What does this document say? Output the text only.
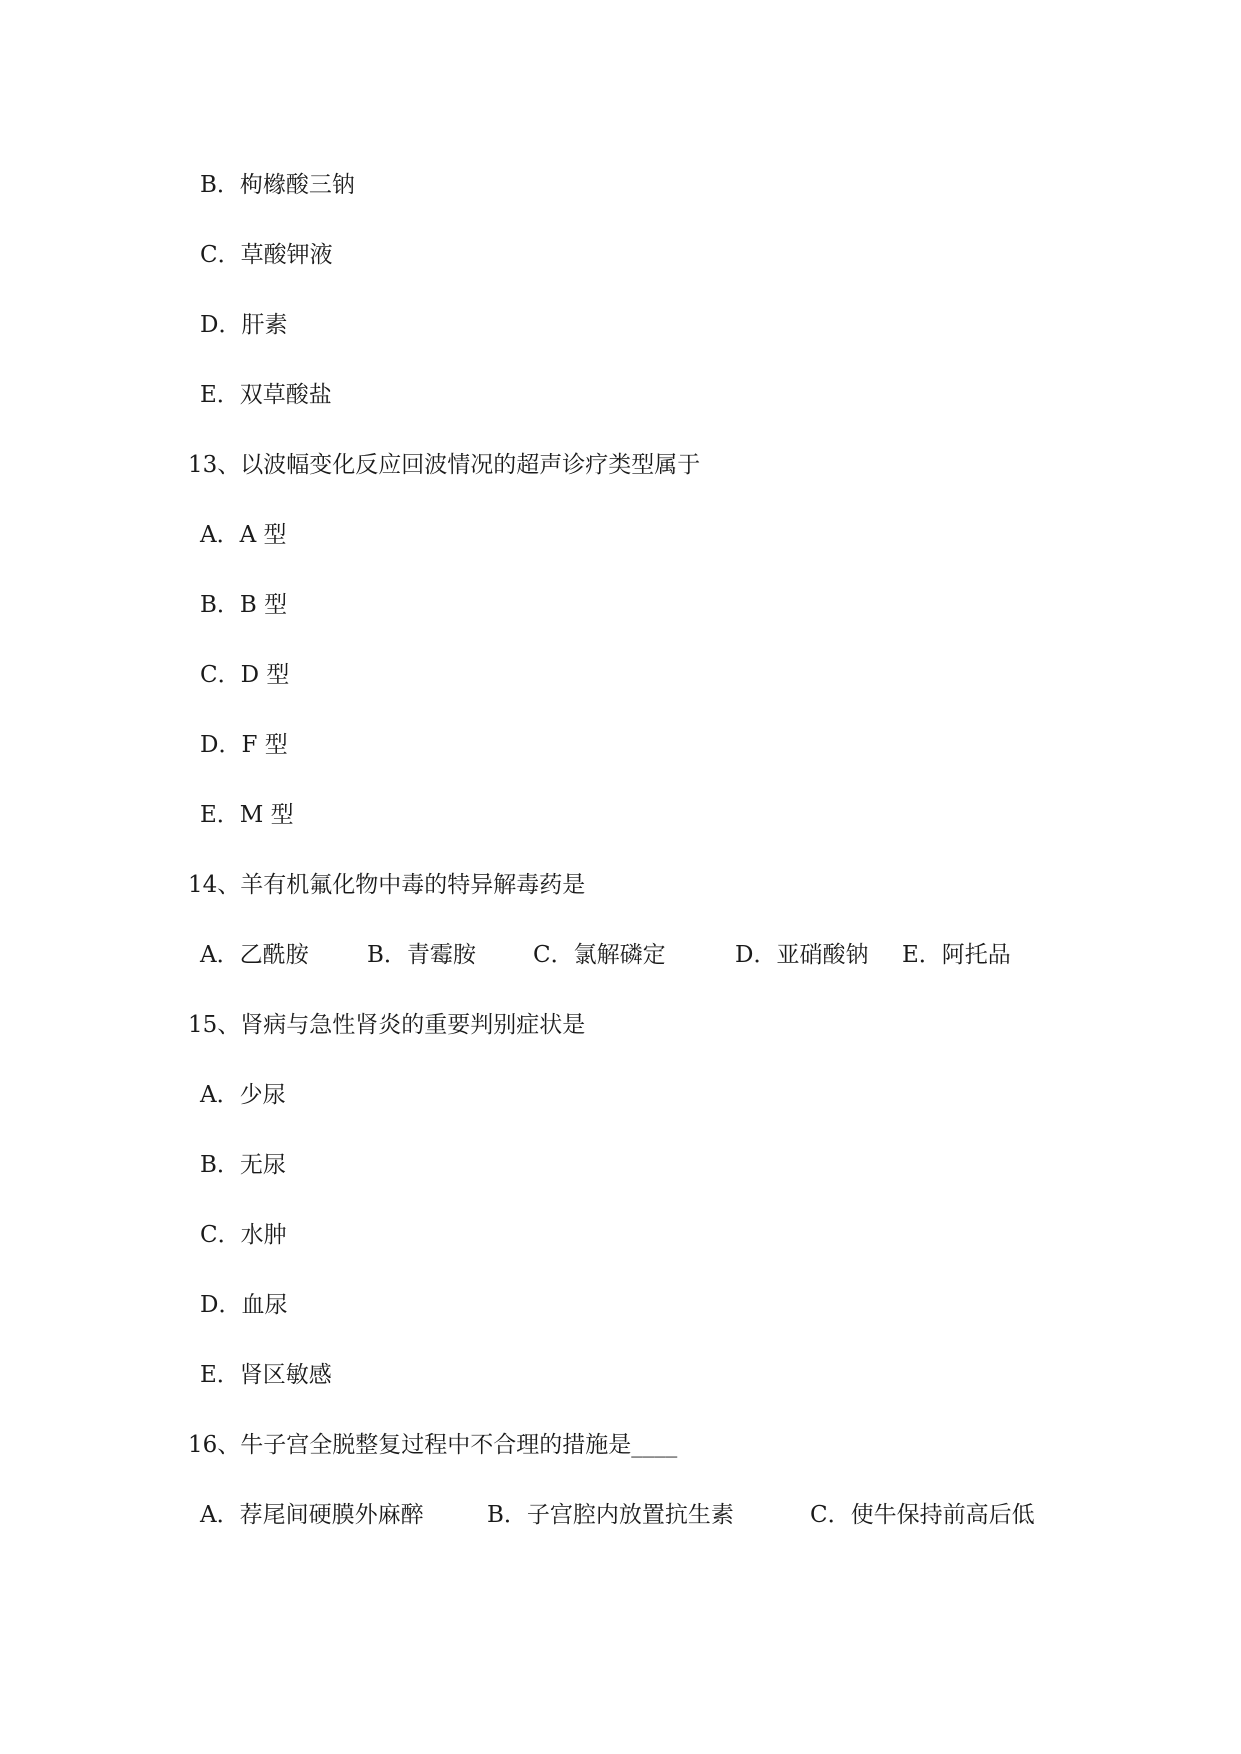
B．枸橼酸三钠
C．草酸钾液
D．肝素
E．双草酸盐
13、以波幅变化反应回波情况的超声诊疗类型属于
A．A 型
B．B 型
C．D 型
D．F 型
E．M 型
14、羊有机氟化物中毒的特异解毒药是
A．乙酰胺	B．青霉胺 C．氯解磷定	D．亚硝酸钠 E．阿托品
15、肾病与急性肾炎的重要判别症状是
A．少尿
B．无尿
C．水肿
D．血尿
E．肾区敏感
16、牛子宫全脱整复过程中不合理的措施是____
A．荐尾间硬膜外麻醉	B．子宫腔内放置抗生素	C．使牛保持前高后低
